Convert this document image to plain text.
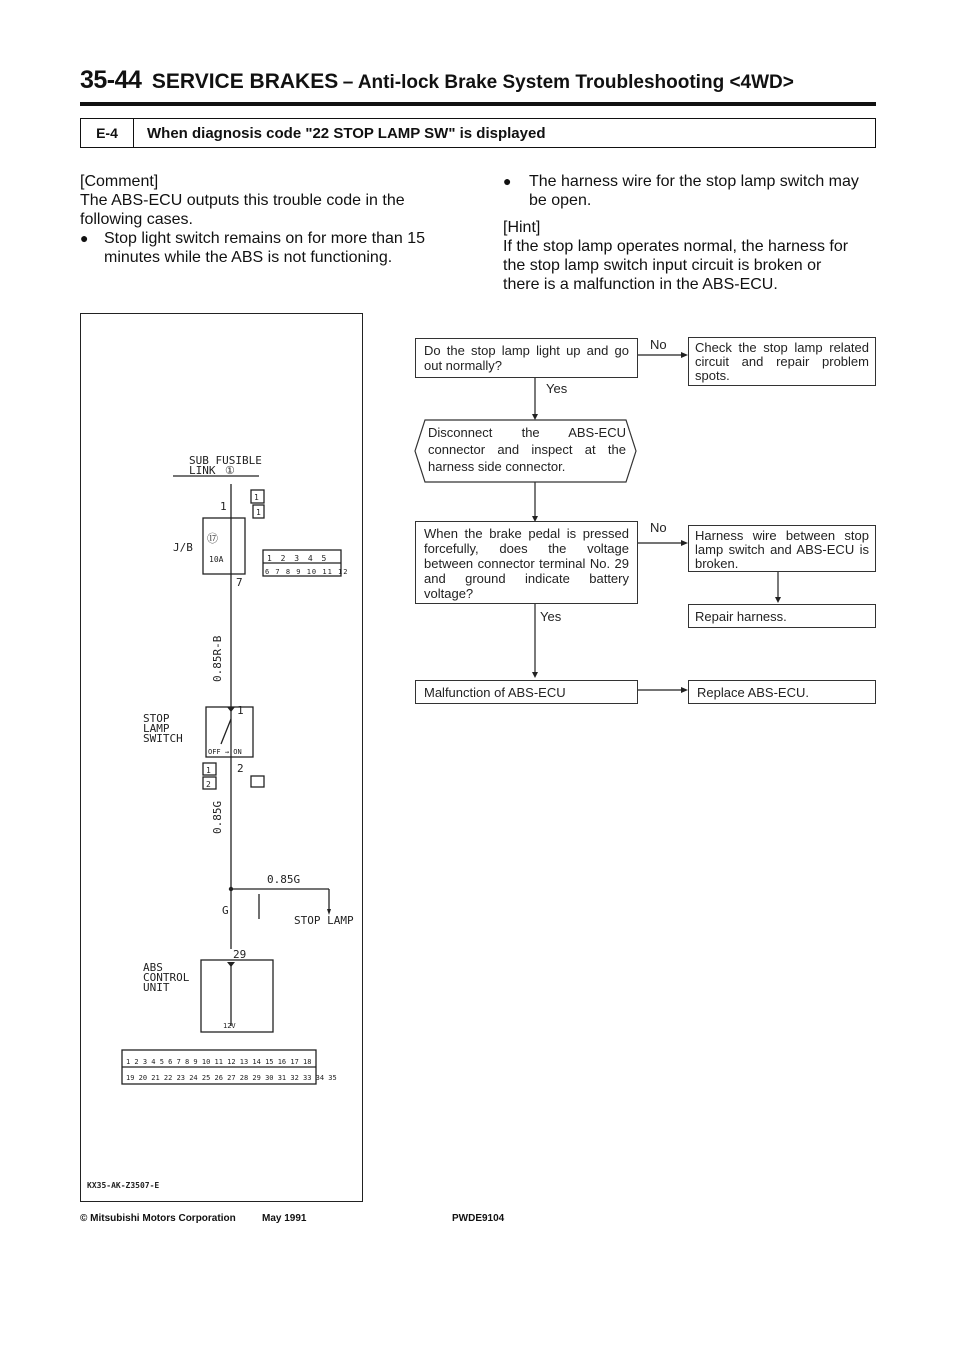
35-44 SERVICE BRAKES – Anti-lock Brake System Troubleshooting <4WD>
E-4	When diagnosis code "22 STOP LAMP SW" is displayed
[Comment]
The ABS-ECU outputs this trouble code in the
following cases.
● Stop light switch remains on for more than 15
minutes while the ABS is not functioning.
● The harness wire for the stop lamp switch may
be open.
[Hint]
If the stop lamp operates normal, the harness for
the stop lamp switch input circuit is broken or
there is a malfunction in the ABS-ECU.
SUB FUSIBLE
LINK ①
J/B
⑰
10A
1
7
1
1
1 2 3 4 5
6 7 8 9 10 11 12
0.85R-B
STOP
LAMP
SWITCH
OFF → ON
1
2
1
2
0.85G
0.85G
G
STOP LAMP
29
ABS
CONTROL
UNIT
12V
1 2 3 4 5 6 7 8 9 10 11 12 13 14 15 16 17 18
19 20 21 22 23 24 25 26 27 28 29 30 31 32 33 34 35
KX35-AK-Z3507-E
Do the stop lamp light up and go out normally?
No
Yes
Check the stop lamp related circuit and repair problem spots.
Disconnect the ABS-ECU connector and inspect at the harness side connector.
When the brake pedal is pressed forcefully, does the voltage between connector terminal No. 29 and ground indicate battery voltage?
No
Yes
Harness wire between stop lamp switch and ABS-ECU is broken.
Repair harness.
Malfunction of ABS-ECU	Replace ABS-ECU.
© Mitsubishi Motors Corporation	May 1991	PWDE9104
